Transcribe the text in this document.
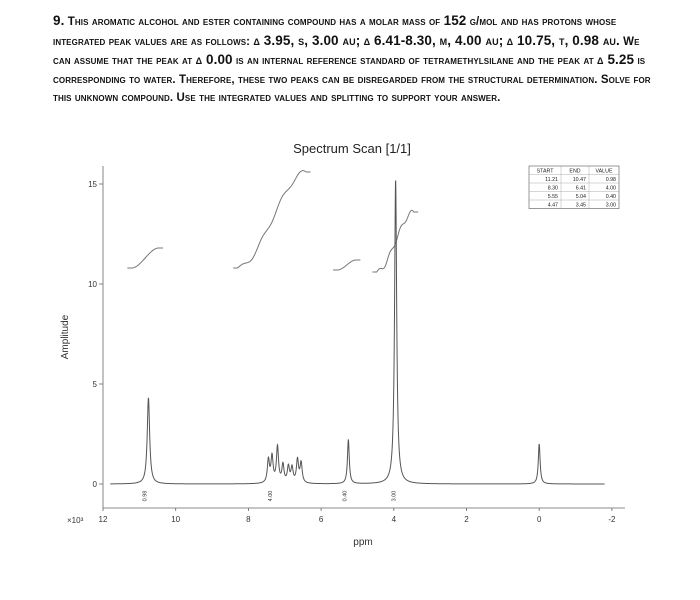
9. This aromatic alcohol and ester containing compound has a molar mass of 152 g/mol and has protons whose integrated peak values are as follows: δ 3.95, s, 3.00 au; δ 6.41-8.30, m, 4.00 au; δ 10.75, t, 0.98 au. We can assume that the peak at δ 0.00 is an internal reference standard of tetramethylsilane and the peak at δ 5.25 is corresponding to water. Therefore, these two peaks can be disregarded from the structural determination. Solve for this unknown compound. Use the integrated values and splitting to support your answer.
Spectrum Scan [1/1]
0
5
10
15
12	10	8	6	4	2	0	-2
Amplitude
ppm
×10³
0.98	4.00	0.40	3.00
START	END	VALUE
11.21	10.47	0.98
8.30	6.41	4.00
5.55	5.04	0.40
4.47	3.45	3.00
